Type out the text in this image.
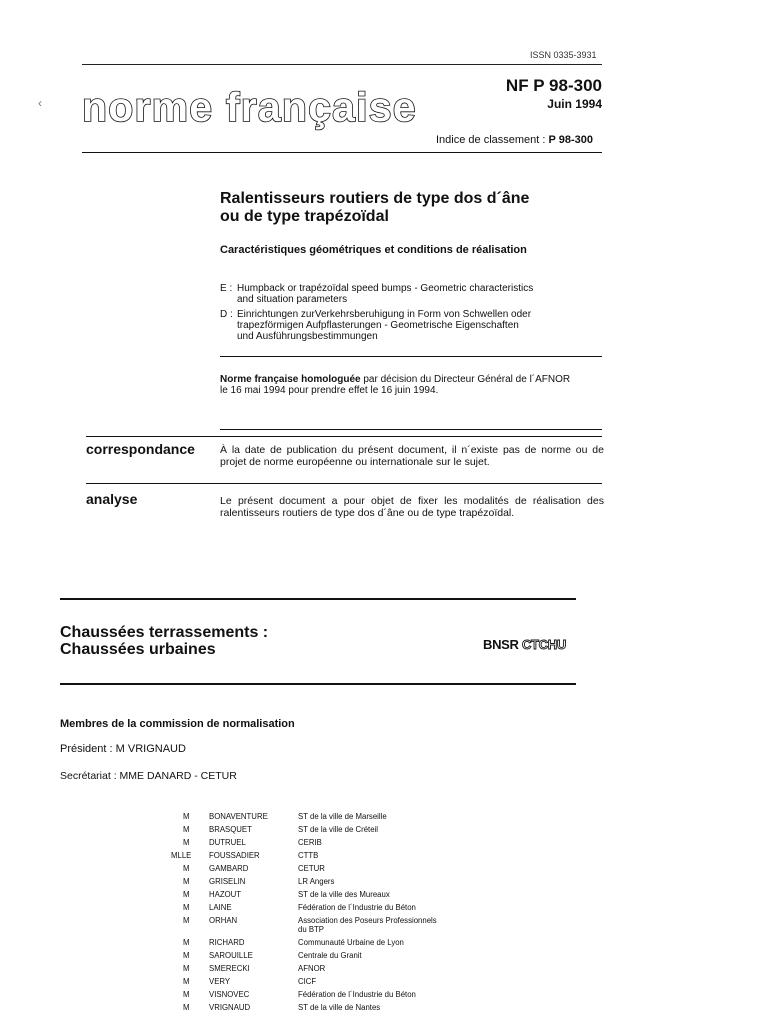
ISSN 0335-3931
NF P 98-300
Juin 1994
‹ norme française
Indice de classement : P 98-300
Ralentisseurs routiers de type dos d´âne
ou de type trapézoïdal
Caractéristiques géométriques et conditions de réalisation
E : Humpback or trapézoïdal speed bumps - Geometric characteristics
and situation parameters
D : Einrichtungen zurVerkehrsberuhigung in Form von Schwellen oder
trapezförmigen Aufpflasterungen - Geometrische Eigenschaften
und Ausführungsbestimmungen
Norme française homologuée par décision du Directeur Général de l´AFNOR
le 16 mai 1994 pour prendre effet le 16 juin 1994.
correspondance À la date de publication du présent document, il n´existe pas de norme ou de projet de norme européenne ou internationale sur le sujet.
analyse	Le présent document a pour objet de fixer les modalités de réalisation des ralentisseurs routiers de type dos d´âne ou de type trapézoïdal.
Chaussées terrassements :
Chaussées urbaines	BNSR CTCHU
Membres de la commission de normalisation
Président : M VRIGNAUD
Secrétariat : MME DANARD - CETUR
M	BONAVENTURE	ST de la ville de Marseille
M	BRASQUET	ST de la ville de Créteil
M	DUTRUEL	CERIB
MLLE	FOUSSADIER	CTTB
M	GAMBARD	CETUR
M	GRISELIN	LR Angers
M	HAZOUT	ST de la ville des Mureaux
M	LAINE	Fédération de l´Industrie du Béton
M	ORHAN	Association des Poseurs Professionnels du BTP
M	RICHARD	Communauté Urbaine de Lyon
M	SAROUILLE	Centrale du Granit
M	SMERECKI	AFNOR
M	VERY	CICF
M	VISNOVEC	Fédération de l´Industrie du Béton
M	VRIGNAUD	ST de la ville de Nantes
